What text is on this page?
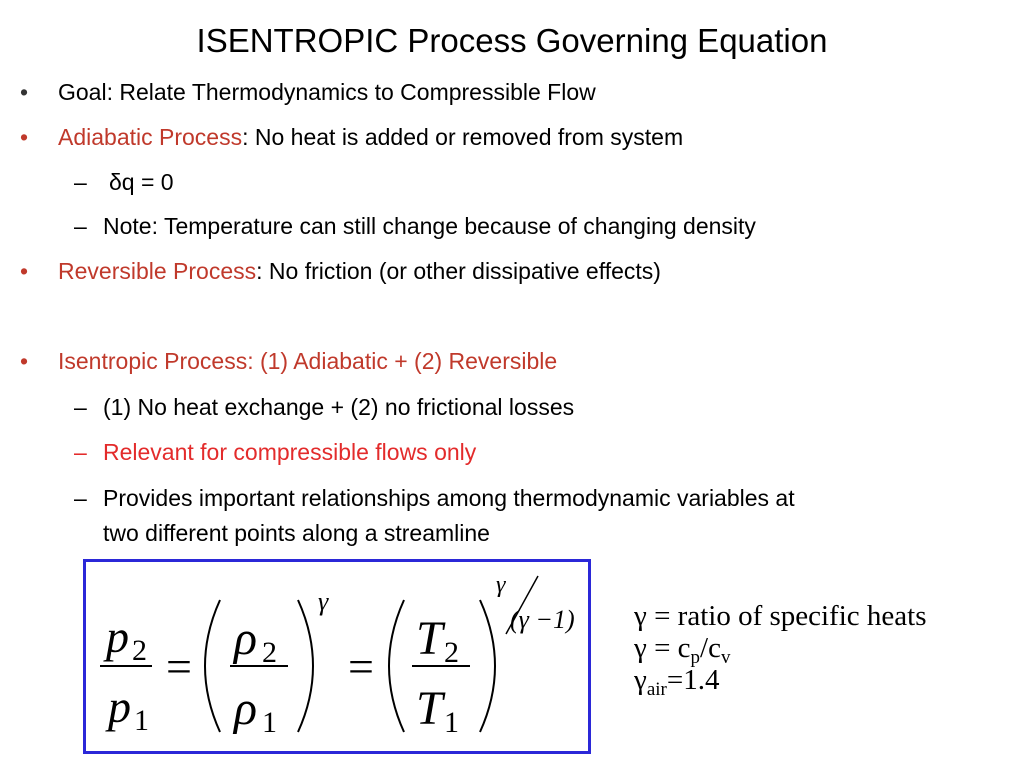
ISENTROPIC Process Governing Equation
• Goal: Relate Thermodynamics to Compressible Flow
• Adiabatic Process: No heat is added or removed from system
– δq = 0
– Note: Temperature can still change because of changing density
• Reversible Process: No friction (or other dissipative effects)
• Isentropic Process: (1) Adiabatic + (2) Reversible
– (1) No heat exchange + (2) no frictional losses
– Relevant for compressible flows only
– Provides important relationships among thermodynamic variables at
two different points along a streamline
p 2
p 1
=
ρ 2
ρ 1
γ
=
T 2
T 1
γ
(γ −1) γ = ratio of specific heats
$\gamma = c_p/c_v$
$\gamma_{air}=1.4$
